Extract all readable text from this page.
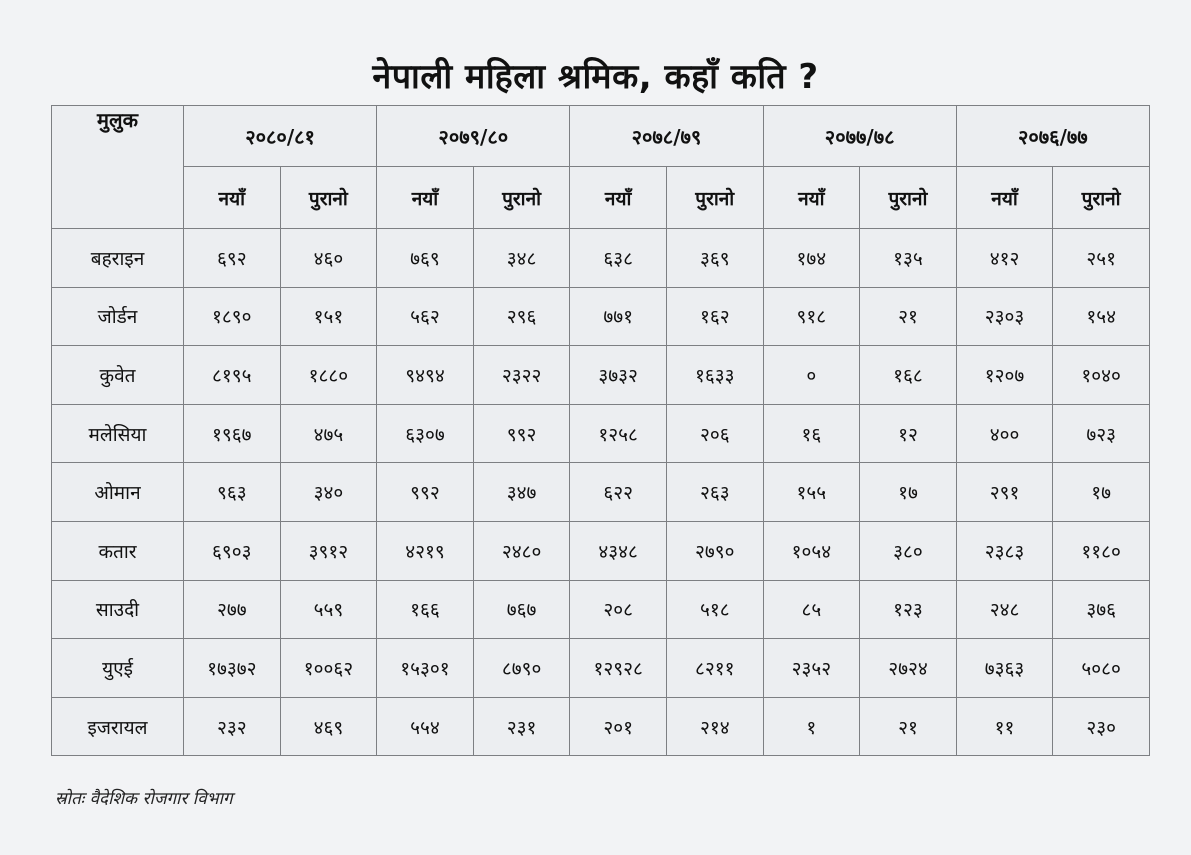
नेपाली महिला श्रमिक, कहाँ कति ?
मुलुक	२०८०/८१		२०७९/८०		२०७८/७९		२०७७/७८		२०७६/७७	
	नयाँ	पुरानो	नयाँ	पुरानो	नयाँ	पुरानो	नयाँ	पुरानो	नयाँ	पुरानो
बहराइन	६९२	४६०	७६९	३४८	६३८	३६९	१७४	१३५	४१२	२५१
जोर्डन	१८९०	१५१	५६२	२९६	७७१	१६२	९१८	२१	२३०३	१५४
कुवेत	८१९५	१८८०	९४९४	२३२२	३७३२	१६३३	०	१६८	१२०७	१०४०
मलेसिया	१९६७	४७५	६३०७	९९२	१२५८	२०६	१६	१२	४००	७२३
ओमान	९६३	३४०	९९२	३४७	६२२	२६३	१५५	१७	२९१	१७
कतार	६९०३	३९१२	४२१९	२४८०	४३४८	२७९०	१०५४	३८०	२३८३	११८०
साउदी	२७७	५५९	१६६	७६७	२०८	५१८	८५	१२३	२४८	३७६
युएई	१७३७२	१००६२	१५३०१	८७९०	१२९२८	८२११	२३५२	२७२४	७३६३	५०८०
इजरायल	२३२	४६९	५५४	२३१	२०१	२१४	१	२१	११	२३०
स्रोतः वैदेशिक रोजगार विभाग
